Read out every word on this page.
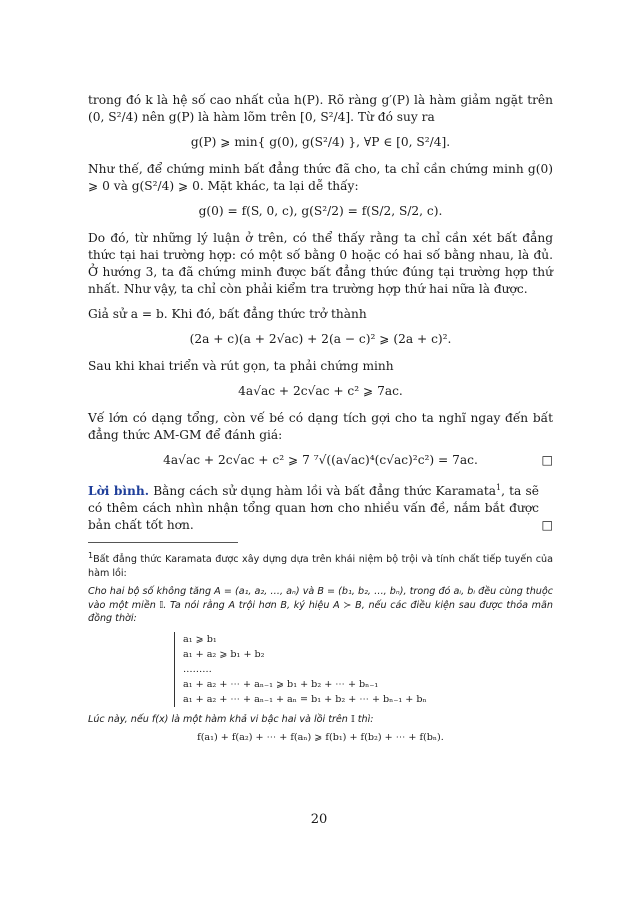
trong đó k là hệ số cao nhất của h(P). Rõ ràng g′(P) là hàm giảm ngặt trên (0, S²/4) nên g(P) là hàm lõm trên [0, S²/4]. Từ đó suy ra

g(P) ⩾ min{ g(0), g(S²/4) }, ∀P ∈ [0, S²/4].

Như thế, để chứng minh bất đẳng thức đã cho, ta chỉ cần chứng minh g(0) ⩾ 0 và g(S²/4) ⩾ 0. Mặt khác, ta lại dễ thấy:

g(0) = f(S, 0, c), g(S²/2) = f(S/2, S/2, c).

Do đó, từ những lý luận ở trên, có thể thấy rằng ta chỉ cần xét bất đẳng thức tại hai trường hợp: có một số bằng 0 hoặc có hai số bằng nhau, là đủ. Ở hướng 3, ta đã chứng minh được bất đẳng thức đúng tại trường hợp thứ nhất. Như vậy, ta chỉ còn phải kiểm tra trường hợp thứ hai nữa là được.

Giả sử a = b. Khi đó, bất đẳng thức trở thành

(2a + c)(a + 2√ac) + 2(a − c)² ⩾ (2a + c)².

Sau khi khai triển và rút gọn, ta phải chứng minh

4a√ac + 2c√ac + c² ⩾ 7ac.

Vế lớn có dạng tổng, còn vế bé có dạng tích gợi cho ta nghĩ ngay đến bất đẳng thức AM-GM để đánh giá:

4a√ac + 2c√ac + c² ⩾ 7 ⁷√((a√ac)⁴(c√ac)²c²) = 7ac.	□

Lời bình. Bằng cách sử dụng hàm lồi và bất đẳng thức Karamata$^1$, ta sẽ có thêm cách nhìn nhận tổng quan hơn cho nhiều vấn đề, nắm bắt được bản chất tốt hơn.	□

$^1$Bất đẳng thức Karamata được xây dựng dựa trên khái niệm bộ trội và tính chất tiếp tuyến của hàm lồi:

Cho hai bộ số không tăng A = (a₁, a₂, …, aₙ) và B = (b₁, b₂, …, bₙ), trong đó aᵢ, bᵢ đều cùng thuộc vào một miền 𝕀. Ta nói rằng A trội hơn B, ký hiệu A ≻ B, nếu các điều kiện sau được thỏa mãn đồng thời:

a₁ ⩾ b₁
a₁ + a₂ ⩾ b₁ + b₂
………
a₁ + a₂ + ⋯ + aₙ₋₁ ⩾ b₁ + b₂ + ⋯ + bₙ₋₁
a₁ + a₂ + ⋯ + aₙ₋₁ + aₙ = b₁ + b₂ + ⋯ + bₙ₋₁ + bₙ

Lúc này, nếu f(x) là một hàm khả vi bậc hai và lồi trên 𝕀 thì:

f(a₁) + f(a₂) + ⋯ + f(aₙ) ⩾ f(b₁) + f(b₂) + ⋯ + f(bₙ).
20
